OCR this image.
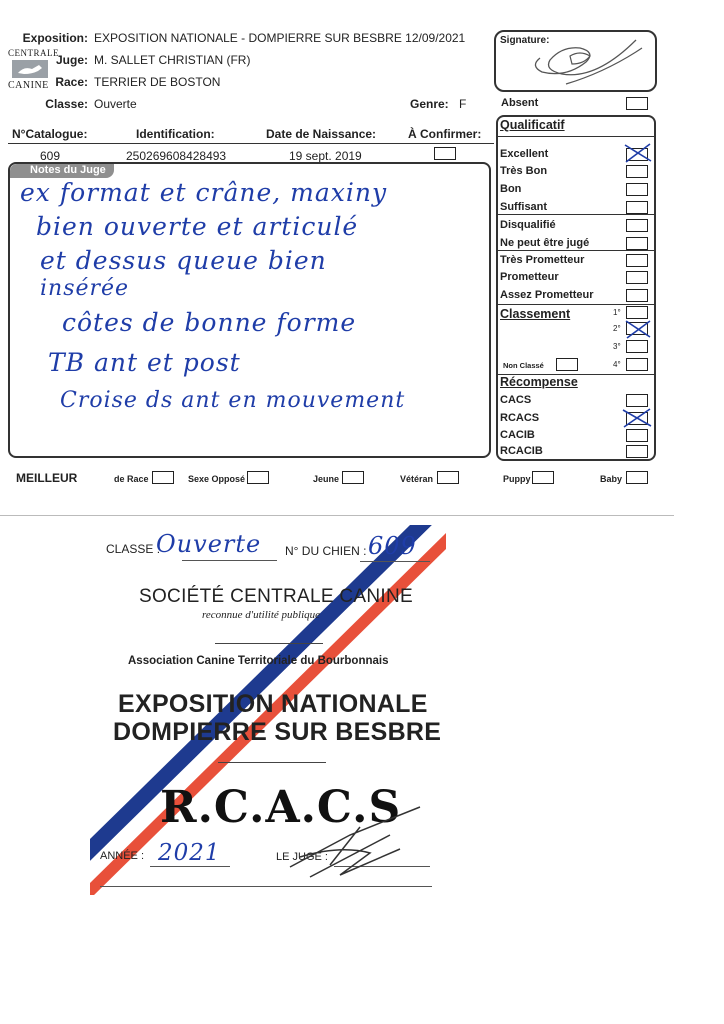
CENTRALE
CANINE
Exposition: EXPOSITION NATIONALE - DOMPIERRE SUR BESBRE 12/09/2021
Juge: M. SALLET CHRISTIAN (FR)
Race: TERRIER DE BOSTON
Classe: Ouverte	Genre: F
Signature:
Absent
N°Catalogue:	Identification:	Date de Naissance:	À Confirmer:
609	250269608428493	19 sept. 2019
Notes du Juge
ex format et crâne, maxiny
bien ouverte et articulé
et dessus queue bien
insérée
côtes de bonne forme
TB ant et post
Croise ds ant en mouvement
Qualificatif
Excellent
Très Bon
Bon
Suffisant
Disqualifié
Ne peut être jugé
Très Prometteur
Prometteur
Assez Prometteur
Classement	1°
2°
3°
4°
Non Classé
Récompense
CACS
RCACS
CACIB
RCACIB
MEILLEUR	de Race	Sexe Opposé	Jeune	Vétéran	Puppy	Baby
CLASSE :
Ouverte N° DU CHIEN : 609
SOCIÉTÉ CENTRALE CANINE
reconnue d'utilité publique
Association Canine Territoriale du Bourbonnais
EXPOSITION NATIONALE
DOMPIERRE SUR BESBRE
R.C.A.C.S
ANNÉE : 2021	LE JUGE :
